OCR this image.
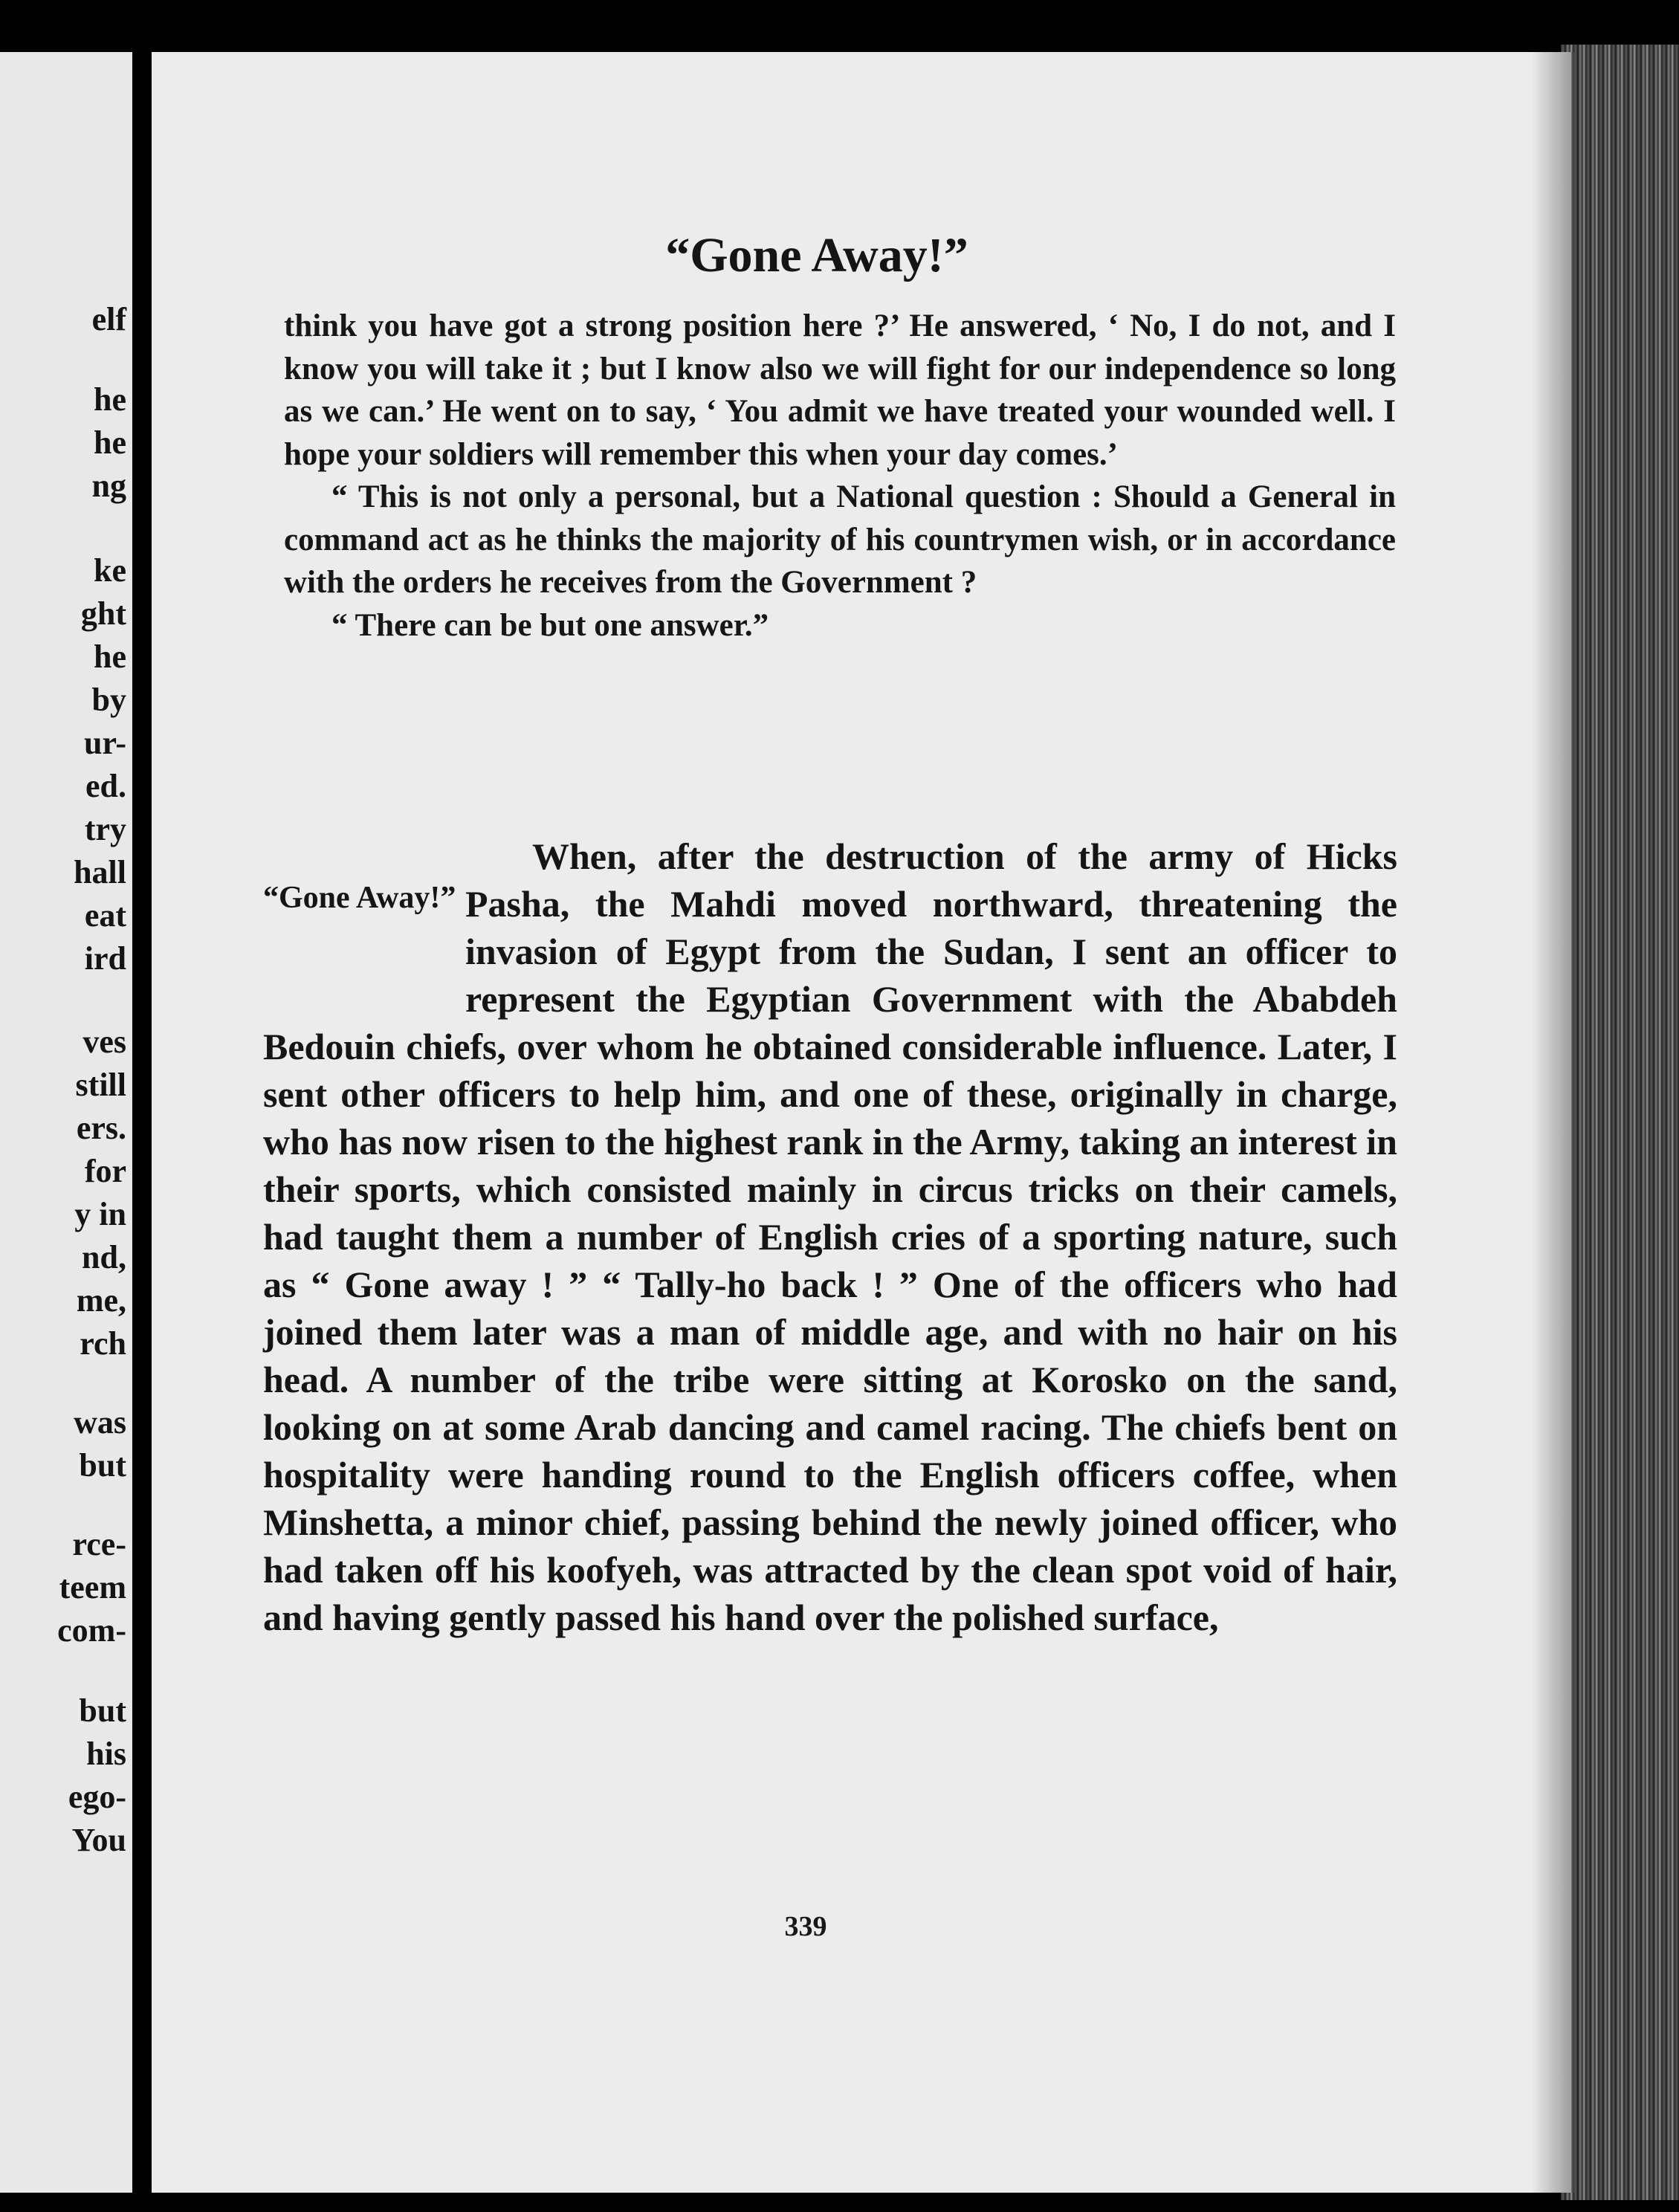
elf
he
he
ng
ke
ght
he
by
ur-
ed.
try
hall
eat
ird
ves
still
ers.
for
y in
nd,
me,
rch
was
but
rce-
teem
com-
but
his
ego-
You
“Gone Away!”

think you have got a strong position here ?’ He answered, ‘ No, I do not, and I know you will take it ; but I know also we will fight for our independence so long as we can.’ He went on to say, ‘ You admit we have treated your wounded well. I hope your soldiers will remember this when your day comes.’

“ This is not only a personal, but a National question : Should a General in command act as he thinks the majority of his countrymen wish, or in accordance with the orders he receives from the Government ?

“ There can be but one answer.”

“Gone Away!”

When, after the destruction of the army of Hicks Pasha, the Mahdi moved northward, threatening the invasion of Egypt from the Sudan, I sent an officer to represent the Egyptian Government with the Ababdeh Bedouin chiefs, over whom he obtained considerable influence. Later, I sent other officers to help him, and one of these, originally in charge, who has now risen to the highest rank in the Army, taking an interest in their sports, which consisted mainly in circus tricks on their camels, had taught them a number of English cries of a sporting nature, such as “ Gone away ! ” “ Tally-ho back ! ” One of the officers who had joined them later was a man of middle age, and with no hair on his head. A number of the tribe were sitting at Korosko on the sand, looking on at some Arab dancing and camel racing. The chiefs bent on hospitality were handing round to the English officers coffee, when Minshetta, a minor chief, passing behind the newly joined officer, who had taken off his koofyeh, was attracted by the clean spot void of hair, and having gently passed his hand over the polished surface,

339
